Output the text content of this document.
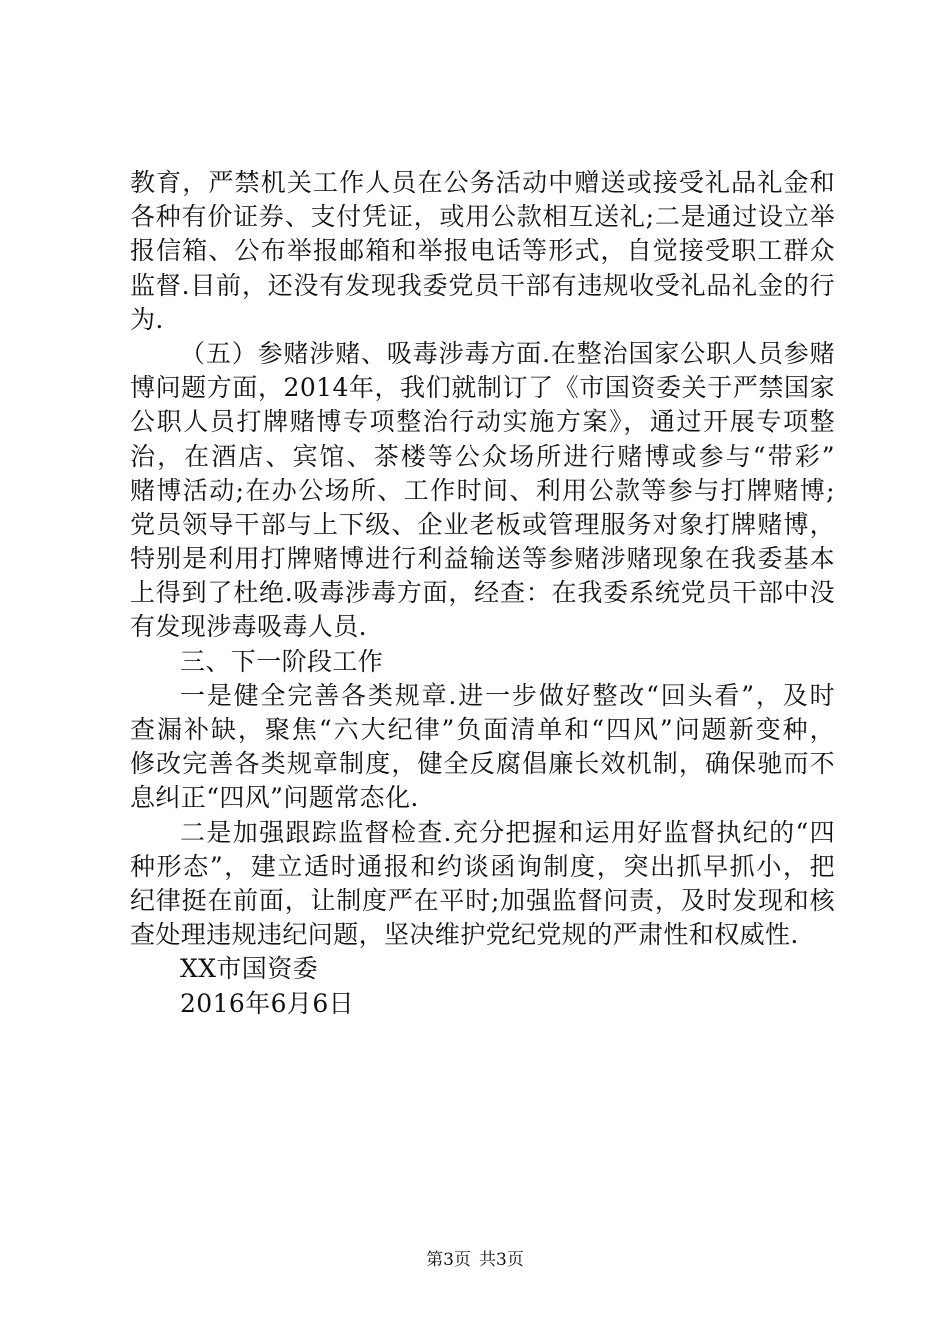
教育，严禁机关工作人员在公务活动中赠送或接受礼品礼金和
各种有价证券、支付凭证，或用公款相互送礼;二是通过设立举
报信箱、公布举报邮箱和举报电话等形式，自觉接受职工群众
监督.目前，还没有发现我委党员干部有违规收受礼品礼金的行
为.
（五）参赌涉赌、吸毒涉毒方面.在整治国家公职人员参赌
博问题方面，2014年，我们就制订了《市国资委关于严禁国家
公职人员打牌赌博专项整治行动实施方案》，通过开展专项整
治，在酒店、宾馆、茶楼等公众场所进行赌博或参与“带彩”
赌博活动;在办公场所、工作时间、利用公款等参与打牌赌博;
党员领导干部与上下级、企业老板或管理服务对象打牌赌博，
特别是利用打牌赌博进行利益输送等参赌涉赌现象在我委基本
上得到了杜绝.吸毒涉毒方面，经查：在我委系统党员干部中没
有发现涉毒吸毒人员.
三、下一阶段工作
一是健全完善各类规章.进一步做好整改“回头看”，及时
查漏补缺，聚焦“六大纪律”负面清单和“四风”问题新变种，
修改完善各类规章制度，健全反腐倡廉长效机制，确保驰而不
息纠正“四风”问题常态化.
二是加强跟踪监督检查.充分把握和运用好监督执纪的“四
种形态”，建立适时通报和约谈函询制度，突出抓早抓小，把
纪律挺在前面，让制度严在平时;加强监督问责，及时发现和核
查处理违规违纪问题，坚决维护党纪党规的严肃性和权威性.
XX市国资委
2016年6月6日
第3页 共3页
